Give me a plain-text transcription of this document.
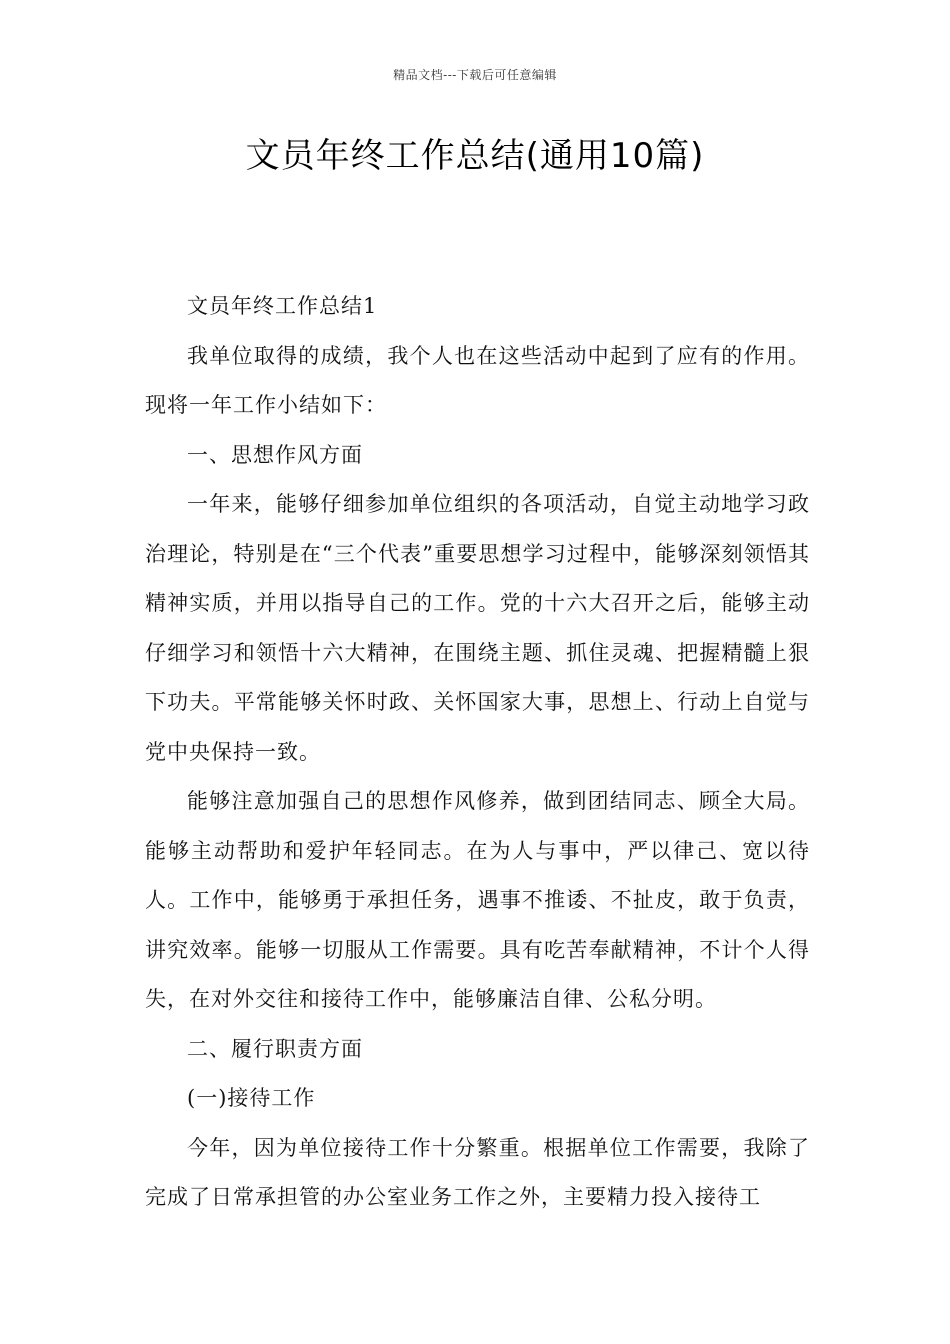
精品文档---下载后可任意编辑
文员年终工作总结(通用10篇)

文员年终工作总结1

我单位取得的成绩，我个人也在这些活动中起到了应有的作用。现将一年工作小结如下：

一、思想作风方面

一年来，能够仔细参加单位组织的各项活动，自觉主动地学习政治理论，特别是在“三个代表”重要思想学习过程中，能够深刻领悟其精神实质，并用以指导自己的工作。党的十六大召开之后，能够主动仔细学习和领悟十六大精神，在围绕主题、抓住灵魂、把握精髓上狠下功夫。平常能够关怀时政、关怀国家大事，思想上、行动上自觉与党中央保持一致。

能够注意加强自己的思想作风修养，做到团结同志、顾全大局。能够主动帮助和爱护年轻同志。在为人与事中，严以律己、宽以待人。工作中，能够勇于承担任务，遇事不推诿、不扯皮，敢于负责，讲究效率。能够一切服从工作需要。具有吃苦奉献精神，不计个人得失，在对外交往和接待工作中，能够廉洁自律、公私分明。

二、履行职责方面

(一)接待工作

今年，因为单位接待工作十分繁重。根据单位工作需要，我除了完成了日常承担管的办公室业务工作之外，主要精力投入接待工
